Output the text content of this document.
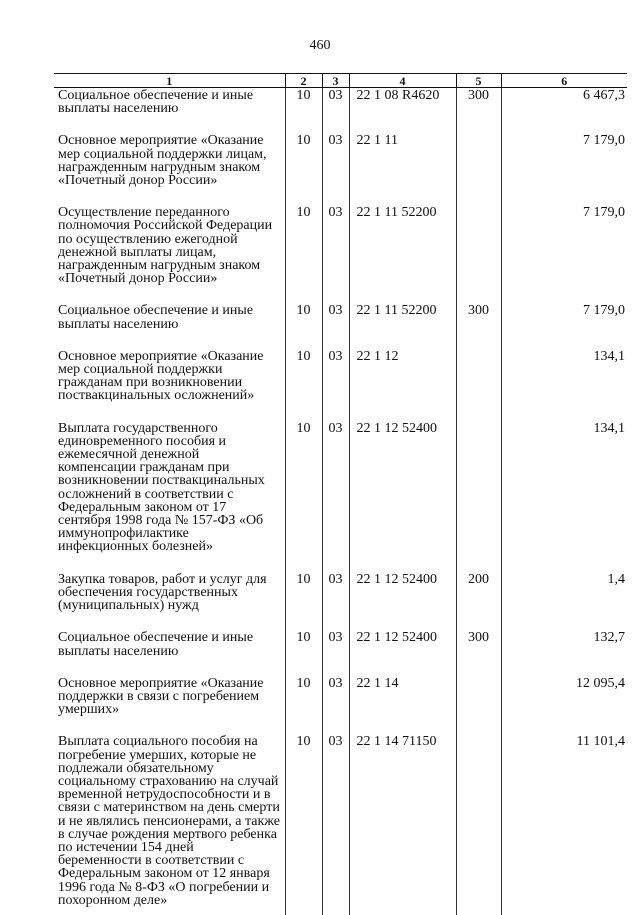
460
1	2	3	4	5	6
Социальное обеспечение и иные выплаты населению	10	03	22 1 08 R4620	300	6 467,3
Основное мероприятие «Оказание мер социальной поддержки лицам, награжденным нагрудным знаком «Почетный донор России»	10	03	22 1 11		7 179,0
Осуществление переданного полномочия Российской Федерации по осуществлению ежегодной денежной выплаты лицам, награжденным нагрудным знаком «Почетный донор России»	10	03	22 1 11 52200		7 179,0
Социальное обеспечение и иные выплаты населению	10	03	22 1 11 52200	300	7 179,0
Основное мероприятие «Оказание мер социальной поддержки гражданам при возникновении поствакцинальных осложнений»	10	03	22 1 12		134,1
Выплата государственного единовременного пособия и ежемесячной денежной компенсации гражданам при возникновении поствакцинальных осложнений в соответствии с Федеральным законом от 17 сентября 1998 года № 157-ФЗ «Об иммунопрофилактике инфекционных болезней»	10	03	22 1 12 52400		134,1
Закупка товаров, работ и услуг для обеспечения государственных (муниципальных) нужд	10	03	22 1 12 52400	200	1,4
Социальное обеспечение и иные выплаты населению	10	03	22 1 12 52400	300	132,7
Основное мероприятие «Оказание поддержки в связи с погребением умерших»	10	03	22 1 14		12 095,4
Выплата социального пособия на погребение умерших, которые не подлежали обязательному социальному страхованию на случай временной нетрудоспособности и в связи с материнством на день смерти и не являлись пенсионерами, а также в случае рождения мертвого ребенка по истечении 154 дней беременности в соответствии с Федеральным законом от 12 января 1996 года № 8-ФЗ «О погребении и похоронном деле»	10	03	22 1 14 71150		11 101,4
